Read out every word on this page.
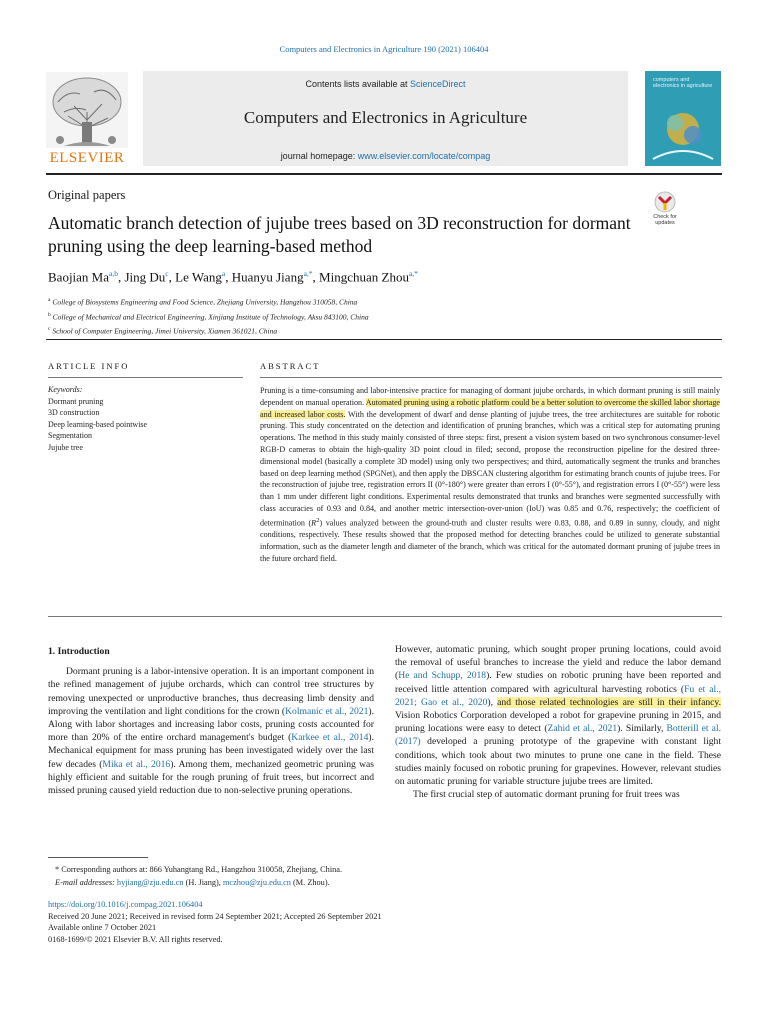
Computers and Electronics in Agriculture 190 (2021) 106404
ELSEVIER
Contents lists available at ScienceDirect
Computers and Electronics in Agriculture
journal homepage: www.elsevier.com/locate/compag
computers and electronics in agriculture
Original papers
Automatic branch detection of jujube trees based on 3D reconstruction for dormant pruning using the deep learning-based method
Check for updates
Baojian Ma$^{a,b}$, Jing Du$^c$, Le Wang$^a$, Huanyu Jiang$^{a,*}$, Mingchuan Zhou$^{a,*}$
$^a$ College of Biosystems Engineering and Food Science, Zhejiang University, Hangzhou 310058, China
$^b$ College of Mechanical and Electrical Engineering, Xinjiang Institute of Technology, Aksu 843100, China
$^c$ School of Computer Engineering, Jimei University, Xiamen 361021, China
ARTICLE INFO	ABSTRACT
Keywords:
Dormant pruning
3D construction
Deep learning-based pointwise
Segmentation
Jujube tree
Pruning is a time-consuming and labor-intensive practice for managing of dormant jujube orchards, in which dormant pruning is still mainly dependent on manual operation. Automated pruning using a robotic platform could be a better solution to overcome the skilled labor shortage and increased labor costs. With the development of dwarf and dense planting of jujube trees, the tree architectures are suitable for robotic pruning. This study concentrated on the detection and identification of pruning branches, which was a critical step for automating pruning operations. The method in this study mainly consisted of three steps: first, present a vision system based on two synchronous consumer-level RGB-D cameras to obtain the high-quality 3D point cloud in filed; second, propose the reconstruction pipeline for the desired three-dimensional model (basically a complete 3D model) using only two perspectives; and third, automatically segment the trunks and branches based on deep learning method (SPGNet), and then apply the DBSCAN clustering algorithm for estimating branch counts of jujube trees. For the reconstruction of jujube tree, registration errors II (0°-180°) were greater than errors I (0°-55°), and registration errors I (0°-55°) were less than 1 mm under different light conditions. Experimental results demonstrated that trunks and branches were segmented successfully with class accuracies of 0.93 and 0.84, and another metric intersection-over-union (IoU) was 0.85 and 0.76, respectively; the coefficient of determination $(R^2)$ values analyzed between the ground-truth and cluster results were 0.83, 0.88, and 0.89 in sunny, cloudy, and night conditions, respectively. These results showed that the proposed method for detecting branches could be utilized to generate substantial information, such as the diameter length and diameter of the branch, which was critical for the automated dormant pruning of jujube trees in the future orchard field.
1. Introduction

Dormant pruning is a labor-intensive operation. It is an important component in the refined management of jujube orchards, which can control tree structures by removing unexpected or unproductive branches, thus decreasing limb density and improving the ventilation and light conditions for the crown (Kolmanic et al., 2021). Along with labor shortages and increasing labor costs, pruning costs accounted for more than 20% of the entire orchard management's budget (Karkee et al., 2014). Mechanical equipment for mass pruning has been investigated widely over the last few decades (Mika et al., 2016). Among them, mechanized geometric pruning was highly efficient and suitable for the rough pruning of fruit trees, but incorrect and missed pruning caused yield reduction due to non-selective pruning operations.

However, automatic pruning, which sought proper pruning locations, could avoid the removal of useful branches to increase the yield and reduce the labor demand (He and Schupp, 2018). Few studies on robotic pruning have been reported and received little attention compared with agricultural harvesting robotics (Fu et al., 2021; Gao et al., 2020), and those related technologies are still in their infancy. Vision Robotics Corporation developed a robot for grapevine pruning in 2015, and pruning locations were easy to detect (Zahid et al., 2021). Similarly, Botterill et al. (2017) developed a pruning prototype of the grapevine with constant light conditions, which took about two minutes to prune one cane in the field. These studies mainly focused on robotic pruning for grapevines. However, relevant studies on automatic pruning for variable structure jujube trees are limited.

The first crucial step of automatic dormant pruning for fruit trees was

* Corresponding authors at: 866 Yuhangtang Rd., Hangzhou 310058, Zhejiang, China.
E-mail addresses: hyjiang@zju.edu.cn (H. Jiang), mczhou@zju.edu.cn (M. Zhou).
https://doi.org/10.1016/j.compag.2021.106404
Received 20 June 2021; Received in revised form 24 September 2021; Accepted 26 September 2021
Available online 7 October 2021
0168-1699/© 2021 Elsevier B.V. All rights reserved.
